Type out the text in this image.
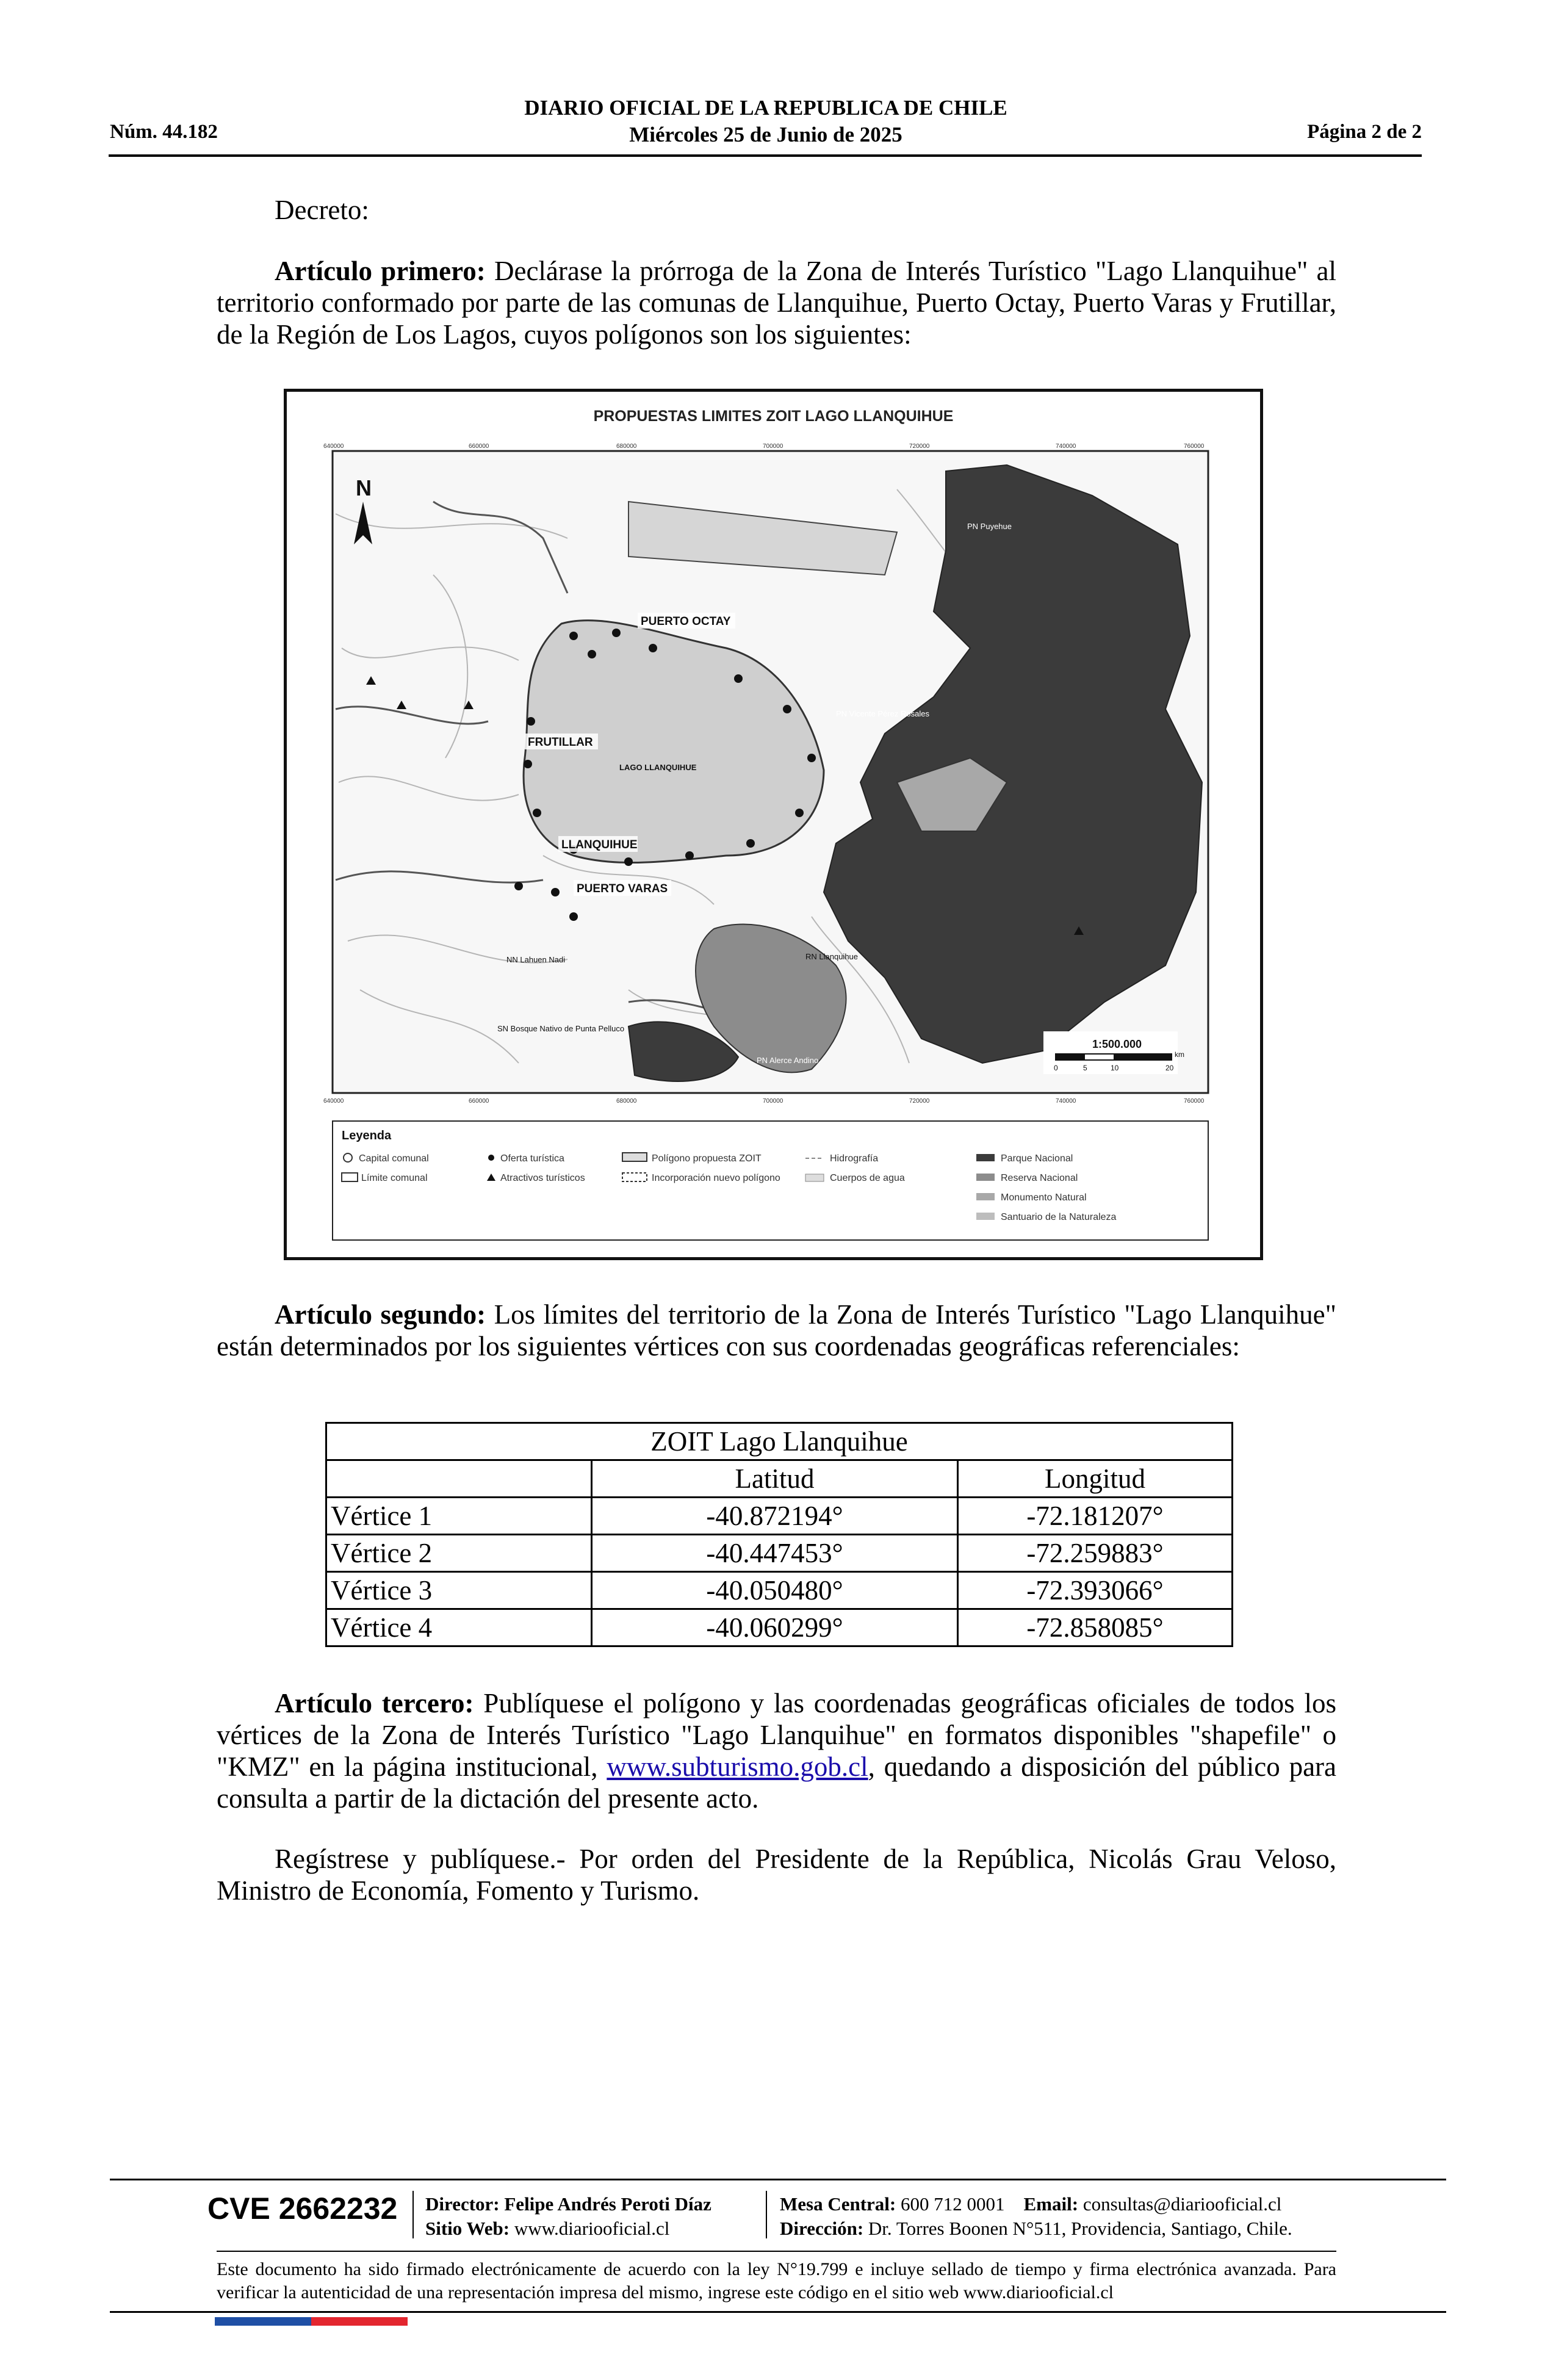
Núm. 44.182
DIARIO OFICIAL DE LA REPUBLICA DE CHILE
Miércoles 25 de Junio de 2025	Página 2 de 2

Decreto:

Artículo primero: Declárase la prórroga de la Zona de Interés Turístico "Lago Llanquihue" al territorio conformado por parte de las comunas de Llanquihue, Puerto Octay, Puerto Varas y Frutillar, de la Región de Los Lagos, cuyos polígonos son los siguientes:

PROPUESTAS LIMITES ZOIT LAGO LLANQUIHUE
N
640000	660000	680000	700000	720000	740000	760000
640000	660000	680000	700000	720000	740000	760000
PUERTO OCTAY
FRUTILLAR
LAGO LLANQUIHUE
LLANQUIHUE
PUERTO VARAS
PN Puyehue
PN Vicente Pérez Rosales
RN Llanquihue
NN Lahuen Nadi
SN Bosque Nativo de Punta Pelluco
PN Alerce Andino
1:500.000
0	5	10	20
km
Leyenda
Capital comunal
Límite comunal
Oferta turística
Atractivos turísticos
Polígono propuesta ZOIT
Incorporación nuevo polígono
Hidrografía
Cuerpos de agua
Parque Nacional
Reserva Nacional
Monumento Natural
Santuario de la Naturaleza

Artículo segundo: Los límites del territorio de la Zona de Interés Turístico "Lago Llanquihue" están determinados por los siguientes vértices con sus coordenadas geográficas referenciales:

ZOIT Lago Llanquihue		
	Latitud	Longitud
Vértice 1	-40.872194°	-72.181207°
Vértice 2	-40.447453°	-72.259883°
Vértice 3	-40.050480°	-72.393066°
Vértice 4	-40.060299°	-72.858085°

Artículo tercero: Publíquese el polígono y las coordenadas geográficas oficiales de todos los vértices de la Zona de Interés Turístico "Lago Llanquihue" en formatos disponibles "shapefile" o "KMZ" en la página institucional, www.subturismo.gob.cl, quedando a disposición del público para consulta a partir de la dictación del presente acto.

Regístrese y publíquese.- Por orden del Presidente de la República, Nicolás Grau Veloso, Ministro de Economía, Fomento y Turismo.

CVE 2662232 Director: Felipe Andrés Peroti Díaz
Sitio Web: www.diariooficial.cl
Mesa Central: 600 712 0001 Email: consultas@diariooficial.cl
Dirección: Dr. Torres Boonen N°511, Providencia, Santiago, Chile.
Este documento ha sido firmado electrónicamente de acuerdo con la ley N°19.799 e incluye sellado de tiempo y firma electrónica avanzada. Para verificar la autenticidad de una representación impresa del mismo, ingrese este código en el sitio web www.diariooficial.cl
